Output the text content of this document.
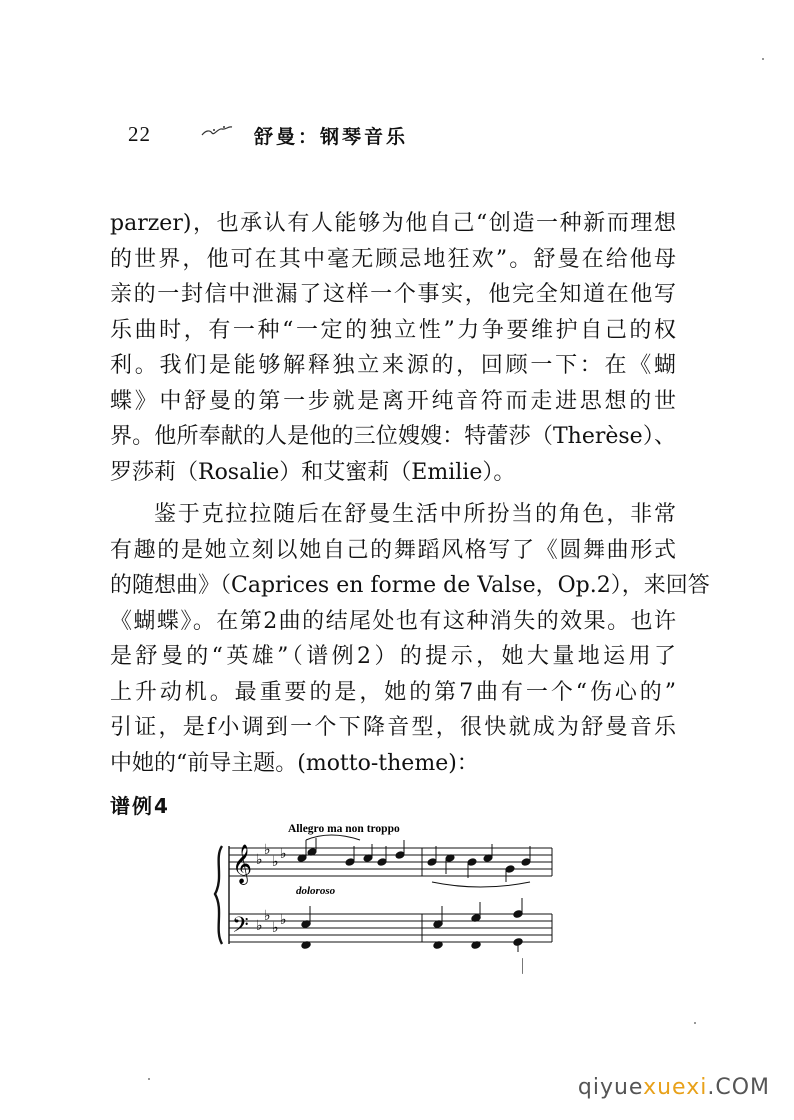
22	舒曼：钢琴音乐
parzer)，也承认有人能够为他自己“创造一种新而理想
的世界，他可在其中毫无顾忌地狂欢”。舒曼在给他母
亲的一封信中泄漏了这样一个事实，他完全知道在他写
乐曲时，有一种“一定的独立性”力争要维护自己的权
利。我们是能够解释独立来源的，回顾一下：在《蝴
蝶》中舒曼的第一步就是离开纯音符而走进思想的世
界。他所奉献的人是他的三位嫂嫂：特蕾莎（Therèse）、
罗莎莉（Rosalie）和艾蜜莉（Emilie）。
鉴于克拉拉随后在舒曼生活中所扮当的角色，非常
有趣的是她立刻以她自己的舞蹈风格写了《圆舞曲形式
的随想曲》（Caprices en forme de Valse，Op.2），来回答
《蝴蝶》。在第2曲的结尾处也有这种消失的效果。也许
是舒曼的“英雄”（谱例2）的提示，她大量地运用了
上升动机。最重要的是，她的第7曲有一个“伤心的”
引证，是f小调到一个下降音型，很快就成为舒曼音乐
中她的“前导主题。(motto-theme)：
谱例4
Allegro ma non troppo
𝄞
𝄢
♭
♭
♭ ♭
♭
♭
♭ ♭
doloroso
qiyuexuexi.COM
